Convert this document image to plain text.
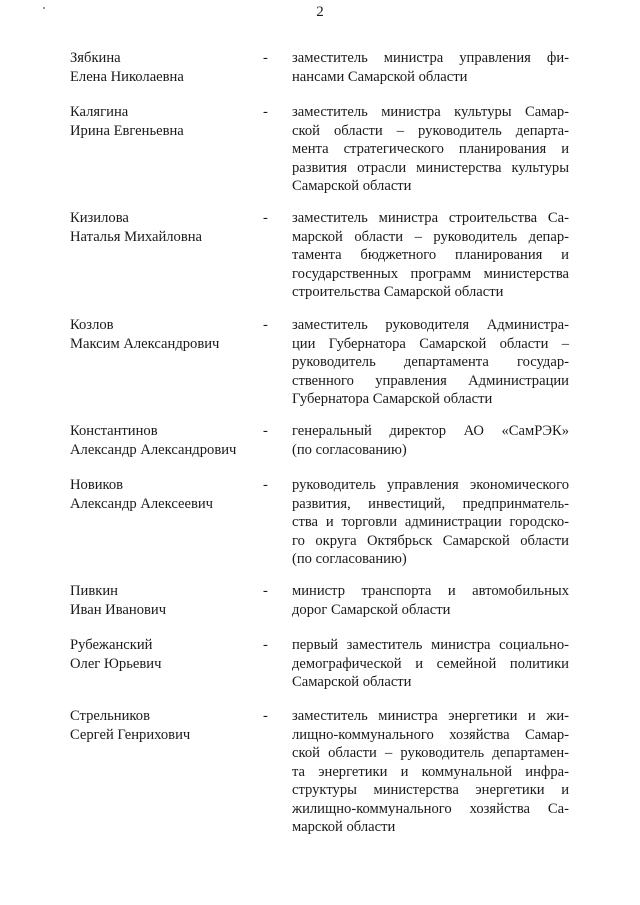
2
Зябкина
Елена Николаевна
- заместитель министра управления фи-
нансами Самарской области
Калягина
Ирина Евгеньевна
- заместитель министра культуры Самар-
ской области – руководитель департа-
мента стратегического планирования и
развития отрасли министерства культуры
Самарской области
Кизилова
Наталья Михайловна
- заместитель министра строительства Са-
марской области – руководитель депар-
тамента бюджетного планирования и
государственных программ министерства
строительства Самарской области
Козлов
Максим Александрович
- заместитель руководителя Администра-
ции Губернатора Самарской области –
руководитель департамента государ-
ственного управления Администрации
Губернатора Самарской области
Константинов
Александр Александрович
- генеральный директор АО «СамРЭК»
(по согласованию)
Новиков
Александр Алексеевич
- руководитель управления экономического
развития, инвестиций, предпринматель-
ства и торговли администрации городско-
го округа Октябрьск Самарской области
(по согласованию)
Пивкин
Иван Иванович
- министр транспорта и автомобильных
дорог Самарской области
Рубежанский
Олег Юрьевич
- первый заместитель министра социально-
демографической и семейной политики
Самарской области
Стрельников
Сергей Генрихович
- заместитель министра энергетики и жи-
лищно-коммунального хозяйства Самар-
ской области – руководитель департамен-
та энергетики и коммунальной инфра-
структуры министерства энергетики и
жилищно-коммунального хозяйства Са-
марской области
